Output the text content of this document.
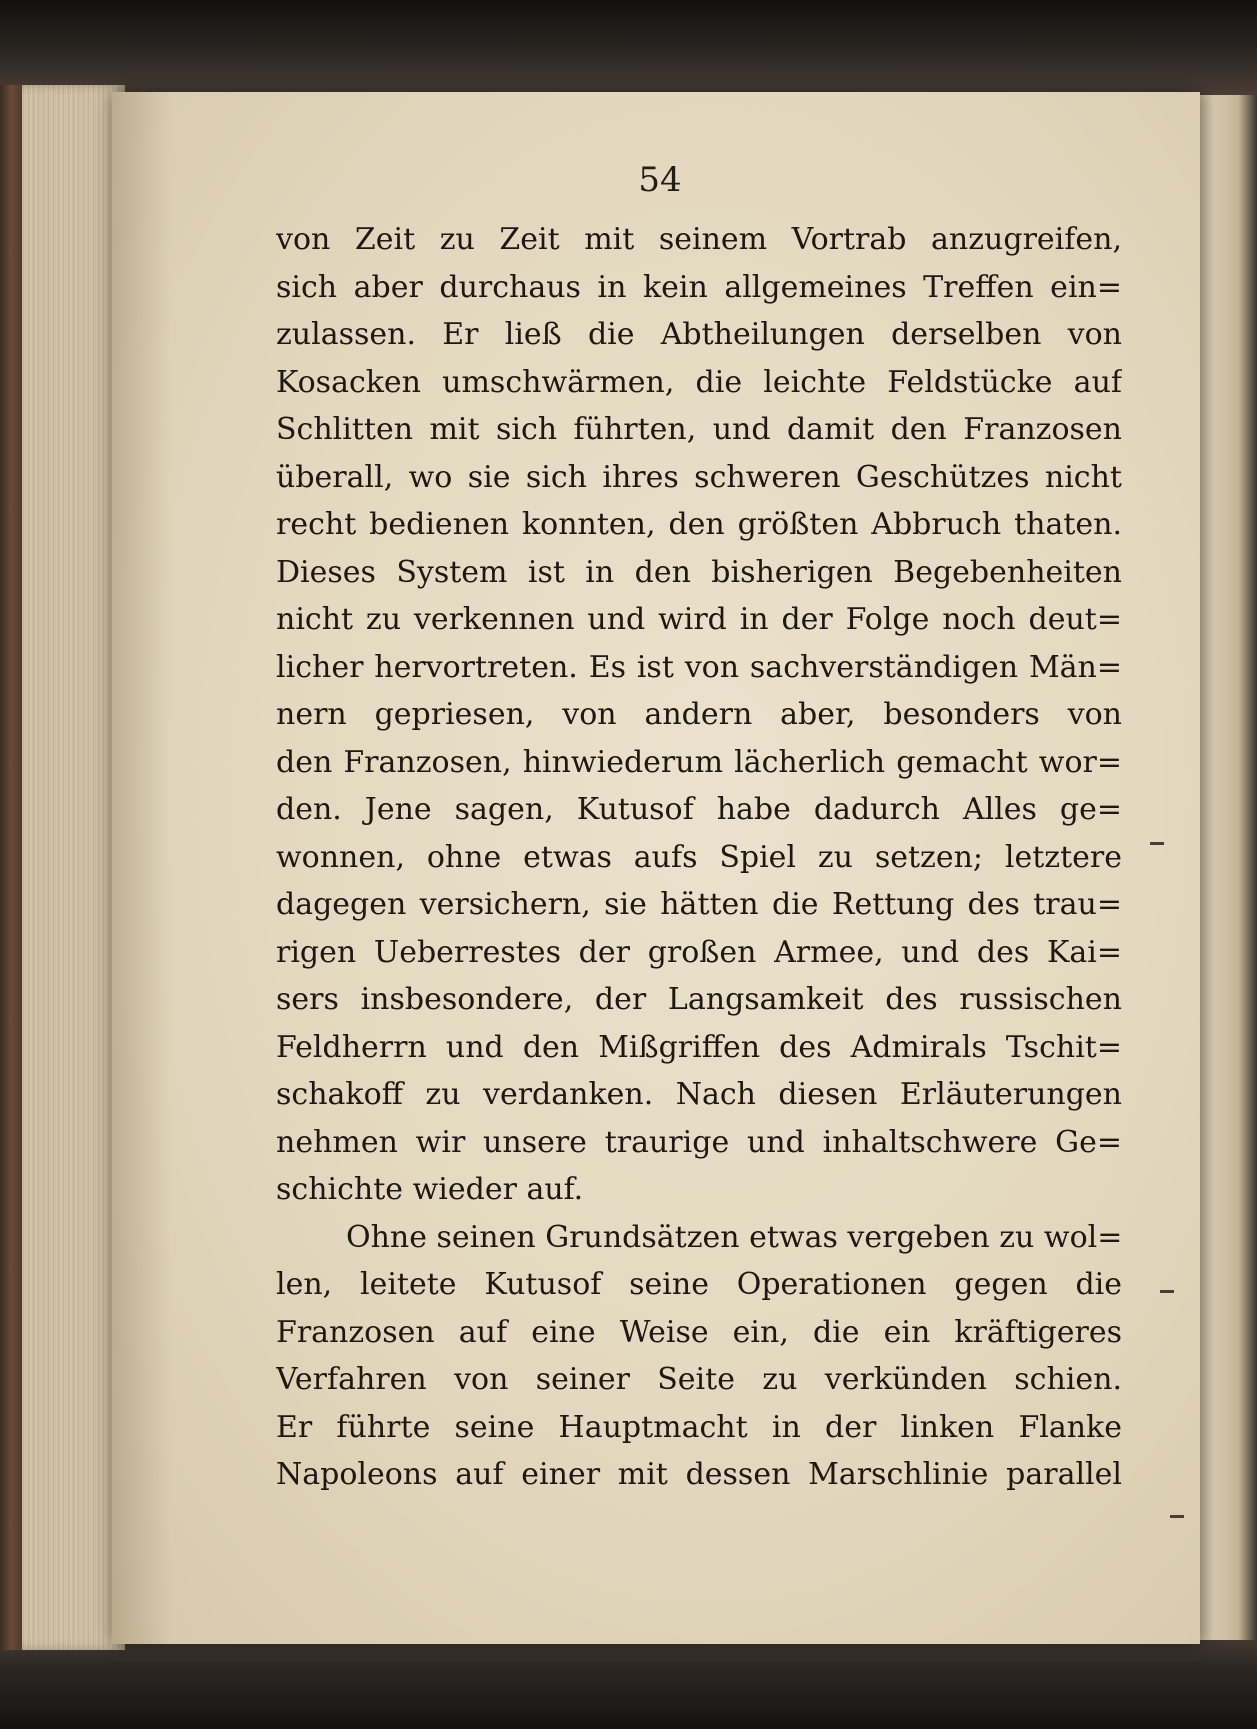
54
von Zeit zu Zeit mit seinem Vortrab anzugreifen,
sich aber durchaus in kein allgemeines Treffen ein=
zulassen. Er ließ die Abtheilungen derselben von
Kosacken umschwärmen, die leichte Feldstücke auf
Schlitten mit sich führten, und damit den Franzosen
überall, wo sie sich ihres schweren Geschützes nicht
recht bedienen konnten, den größten Abbruch thaten.
Dieses System ist in den bisherigen Begebenheiten
nicht zu verkennen und wird in der Folge noch deut=
licher hervortreten. Es ist von sachverständigen Män=
nern gepriesen, von andern aber, besonders von
den Franzosen, hinwiederum lächerlich gemacht wor=
den. Jene sagen, Kutusof habe dadurch Alles ge=
wonnen, ohne etwas aufs Spiel zu setzen; letztere
dagegen versichern, sie hätten die Rettung des trau=
rigen Ueberrestes der großen Armee, und des Kai=
sers insbesondere, der Langsamkeit des russischen
Feldherrn und den Mißgriffen des Admirals Tschit=
schakoff zu verdanken. Nach diesen Erläuterungen
nehmen wir unsere traurige und inhaltschwere Ge=
schichte wieder auf.
Ohne seinen Grundsätzen etwas vergeben zu wol=
len, leitete Kutusof seine Operationen gegen die
Franzosen auf eine Weise ein, die ein kräftigeres
Verfahren von seiner Seite zu verkünden schien.
Er führte seine Hauptmacht in der linken Flanke
Napoleons auf einer mit dessen Marschlinie parallel
